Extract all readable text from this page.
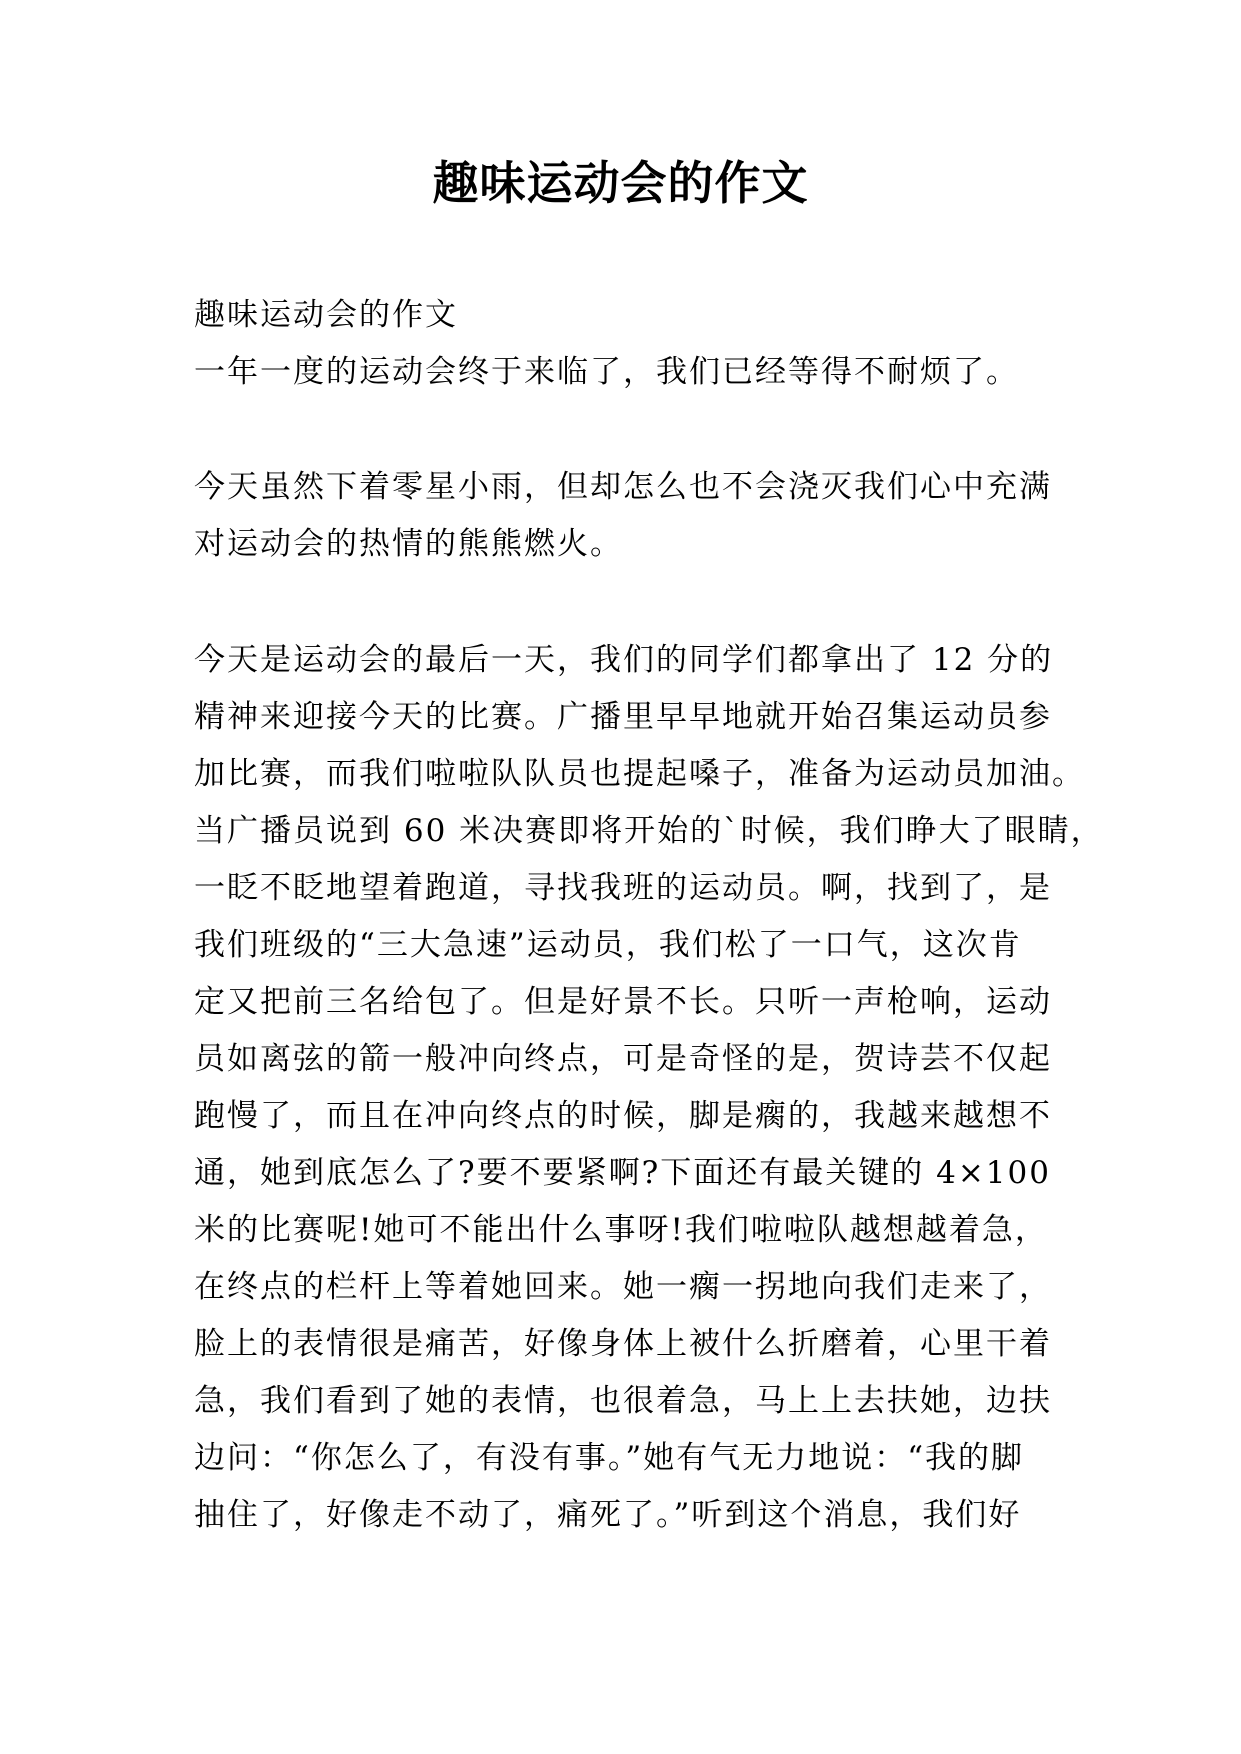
趣味运动会的作文
趣味运动会的作文
一年一度的运动会终于来临了，我们已经等得不耐烦了。
今天虽然下着零星小雨，但却怎么也不会浇灭我们心中充满
对运动会的热情的熊熊燃火。
今天是运动会的最后一天，我们的同学们都拿出了 12 分的
精神来迎接今天的比赛。广播里早早地就开始召集运动员参
加比赛，而我们啦啦队队员也提起嗓子，准备为运动员加油。
当广播员说到 60 米决赛即将开始的`时候，我们睁大了眼睛，
一眨不眨地望着跑道，寻找我班的运动员。啊，找到了，是
我们班级的“三大急速”运动员，我们松了一口气，这次肯
定又把前三名给包了。但是好景不长。只听一声枪响，运动
员如离弦的箭一般冲向终点，可是奇怪的是，贺诗芸不仅起
跑慢了，而且在冲向终点的时候，脚是瘸的，我越来越想不
通，她到底怎么了?要不要紧啊?下面还有最关键的 4×100
米的比赛呢!她可不能出什么事呀!我们啦啦队越想越着急，
在终点的栏杆上等着她回来。她一瘸一拐地向我们走来了，
脸上的表情很是痛苦，好像身体上被什么折磨着，心里干着
急，我们看到了她的表情，也很着急，马上上去扶她，边扶
边问：“你怎么了，有没有事。”她有气无力地说：“我的脚
抽住了，好像走不动了，痛死了。”听到这个消息，我们好
